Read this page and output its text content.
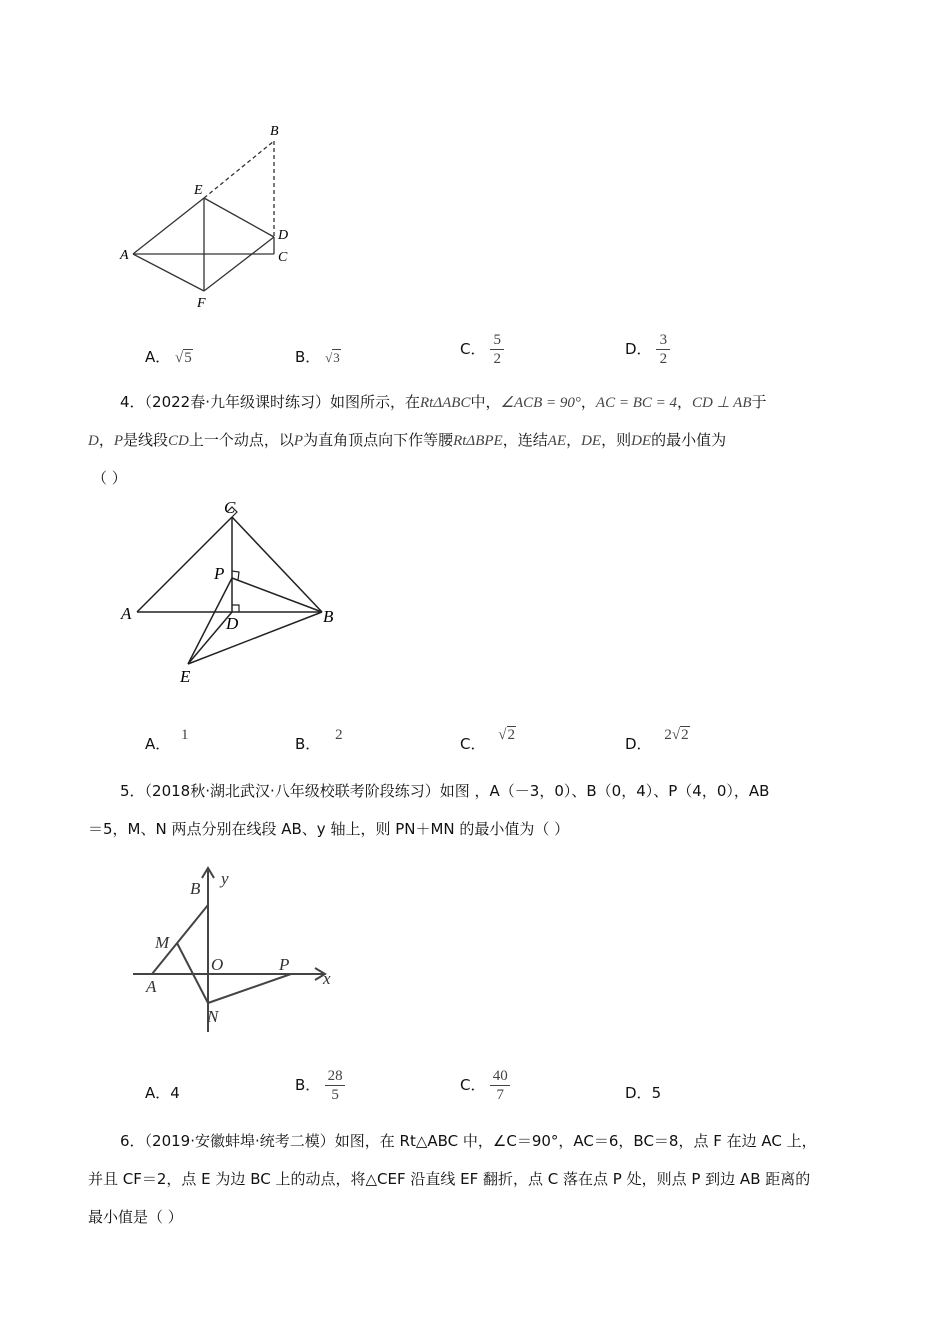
B
E
D
A	C
F
A． √5	B． √3	C． $\frac{5}{2}$	D． $\frac{3}{2}$
4．（2022春·九年级课时练习）如图所示，在RtΔABC中，∠ACB = 90°，AC = BC = 4，CD ⊥ AB于
D，P是线段CD上一个动点，以P为直角顶点向下作等腰RtΔBPE，连结AE，DE，则DE的最小值为
（ ）
C
P
A
D	B
E
A． 1	B． 2	C． √2	D． 2√2
5．（2018秋·湖北武汉·八年级校联考阶段练习）如图 ，A（－3，0）、B（0，4）、P（4，0），AB
＝5，M、N 两点分别在线段 AB、y 轴上，则 PN＋MN 的最小值为（ ）
y
B
M
O	P
x
A
N
A．4	B． $\frac{28}{5}$	C． $\frac{40}{7}$	D．5
6．（2019·安徽蚌埠·统考二模）如图，在 Rt△ABC 中，∠C＝90°，AC＝6，BC＝8，点 F 在边 AC 上，
并且 CF＝2，点 E 为边 BC 上的动点，将△CEF 沿直线 EF 翻折，点 C 落在点 P 处，则点 P 到边 AB 距离的
最小值是（ ）
